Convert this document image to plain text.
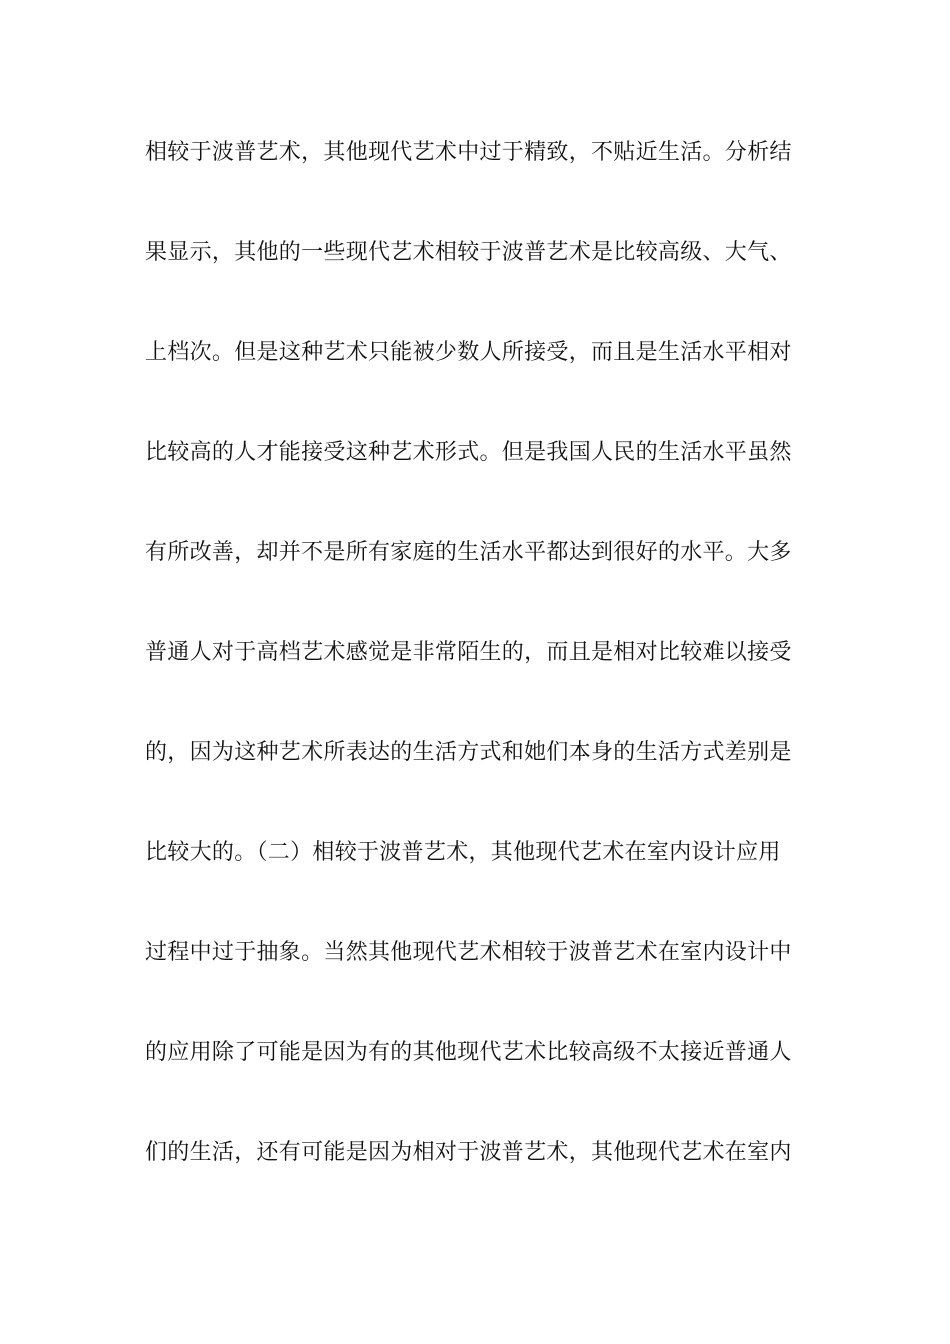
相较于波普艺术，其他现代艺术中过于精致，不贴近生活。分析结
果显示，其他的一些现代艺术相较于波普艺术是比较高级、大气、
上档次。但是这种艺术只能被少数人所接受，而且是生活水平相对
比较高的人才能接受这种艺术形式。但是我国人民的生活水平虽然
有所改善，却并不是所有家庭的生活水平都达到很好的水平。大多
普通人对于高档艺术感觉是非常陌生的，而且是相对比较难以接受
的，因为这种艺术所表达的生活方式和她们本身的生活方式差别是
比较大的。（二）相较于波普艺术，其他现代艺术在室内设计应用
过程中过于抽象。当然其他现代艺术相较于波普艺术在室内设计中
的应用除了可能是因为有的其他现代艺术比较高级不太接近普通人
们的生活，还有可能是因为相对于波普艺术，其他现代艺术在室内
